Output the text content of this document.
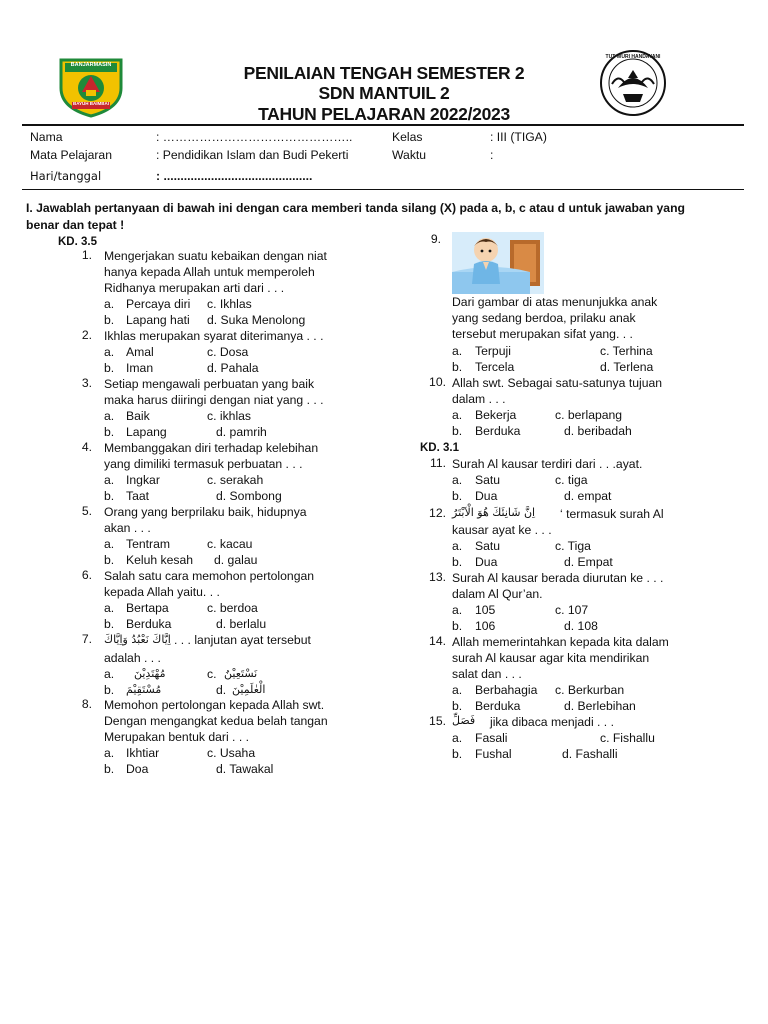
BANJARMASIN
BAYUH BAIMBAI
TUT WURI HANDAYANI
PENILAIAN TENGAH SEMESTER 2
SDN MANTUIL 2
TAHUN PELAJARAN 2022/2023
Nama	: ………………………………………..	Kelas	: III (TIGA)
Mata Pelajaran	: Pendidikan Islam dan Budi Pekerti	Waktu	:
Hari/tanggal	: ............................................
I. Jawablah pertanyaan di bawah ini dengan cara memberi tanda silang (X) pada a, b, c atau d untuk jawaban yang
benar dan tepat !
KD. 3.5
1. Mengerjakan suatu kebaikan dengan niat
hanya kepada Allah untuk memperoleh
Ridhanya merupakan arti dari . . .
a. Percaya diri c. Ikhlas
b. Lapang hati d. Suka Menolong
2. Ikhlas merupakan syarat diterimanya . . .
a. Amal	c. Dosa
b. Iman	d. Pahala
3. Setiap mengawali perbuatan yang baik
maka harus diiringi dengan niat yang . . .
a. Baik	c. ikhlas
b. Lapang	d. pamrih
4. Membanggakan diri terhadap kelebihan
yang dimiliki termasuk perbuatan . . .
a. Ingkar	c. serakah
b. Taat	d. Sombong
5. Orang yang berprilaku baik, hidupnya
akan . . .
a. Tentram	c. kacau
b. Keluh kesah d. galau
6. Salah satu cara memohon pertolongan
kepada Allah yaitu. . .
a. Bertapa	c. berdoa
b. Berduka	d. berlalu
7. اِيَّاكَ نَعْبُدُ وَاِيَّاكَ . . . lanjutan ayat tersebut
adalah . . .
a. مُهْتَدِيْنَ	c. نَسْتَعِيْنُ
b. مُسْتَقِيْمَ	d. الْعٰلَمِيْنَ
8. Memohon pertolongan kepada Allah swt.
Dengan mengangkat kedua belah tangan
Merupakan bentuk dari . . .
a. Ikhtiar	c. Usaha
b. Doa	d. Tawakal
9.
Dari gambar di atas menunjukka anak
yang sedang berdoa, prilaku anak
tersebut merupakan sifat yang. . .
a. Terpuji	c. Terhina
b. Tercela	d. Terlena
10. Allah swt. Sebagai satu-satunya tujuan
dalam . . .
a. Bekerja	c. berlapang
b. Berduka	d. beribadah
KD. 3.1
11. Surah Al kausar terdiri dari . . .ayat.
a. Satu	c. tiga
b. Dua	d. empat
12. اِنَّ شَانِئَكَ هُوَ الْاَبْتَرُ ‘ termasuk surah Al
kausar ayat ke . . .
a. Satu	c. Tiga
b. Dua	d. Empat
13. Surah Al kausar berada diurutan ke . . .
dalam Al Qur’an.
a. 105	c. 107
b. 106	d. 108
14. Allah memerintahkan kepada kita dalam
surah Al kausar agar kita mendirikan
salat dan . . .
a. Berbahagia c. Berkurban
b. Berduka	d. Berlebihan
15. فَصَلِّ jika dibaca menjadi . . .
a. Fasali	c. Fishallu
b. Fushal	d. Fashalli
